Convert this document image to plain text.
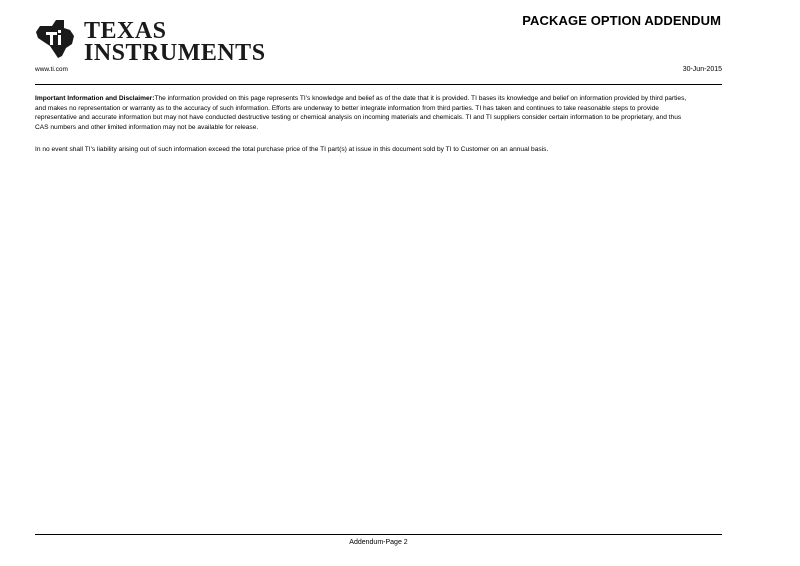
TEXAS
INSTRUMENTS
PACKAGE OPTION ADDENDUM
www.ti.com	30-Jun-2015
Important Information and Disclaimer:The information provided on this page represents TI's knowledge and belief as of the date that it is provided. TI bases its knowledge and belief on information provided by third parties, and makes no representation or warranty as to the accuracy of such information. Efforts are underway to better integrate information from third parties. TI has taken and continues to take reasonable steps to provide representative and accurate information but may not have conducted destructive testing or chemical analysis on incoming materials and chemicals. TI and TI suppliers consider certain information to be proprietary, and thus CAS numbers and other limited information may not be available for release.
In no event shall TI's liability arising out of such information exceed the total purchase price of the TI part(s) at issue in this document sold by TI to Customer on an annual basis.
Addendum-Page 2
